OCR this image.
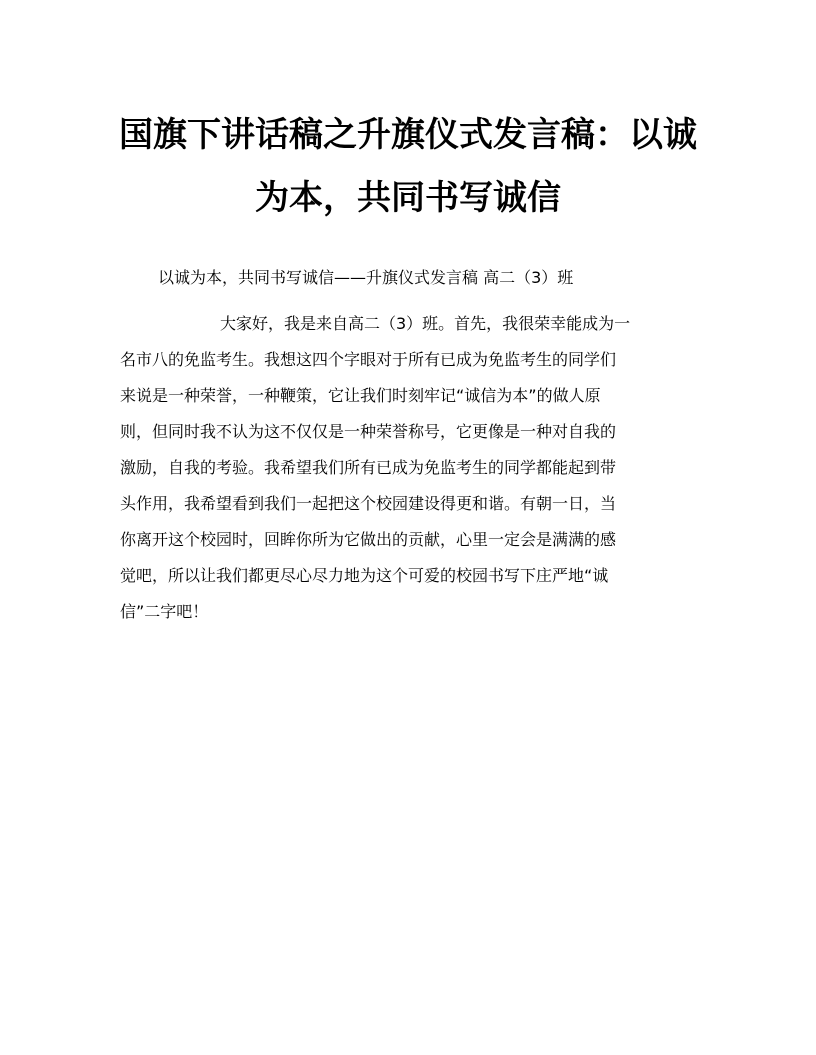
国旗下讲话稿之升旗仪式发言稿：以诚
为本，共同书写诚信
以诚为本，共同书写诚信——升旗仪式发言稿 高二（3）班
大家好，我是来自高二（3）班。首先，我很荣幸能成为一
名市八的免监考生。我想这四个字眼对于所有已成为免监考生的同学们
来说是一种荣誉，一种鞭策，它让我们时刻牢记“诚信为本”的做人原
则，但同时我不认为这不仅仅是一种荣誉称号，它更像是一种对自我的
激励，自我的考验。我希望我们所有已成为免监考生的同学都能起到带
头作用，我希望看到我们一起把这个校园建设得更和谐。有朝一日，当
你离开这个校园时，回眸你所为它做出的贡献，心里一定会是满满的感
觉吧，所以让我们都更尽心尽力地为这个可爱的校园书写下庄严地“诚
信”二字吧！
